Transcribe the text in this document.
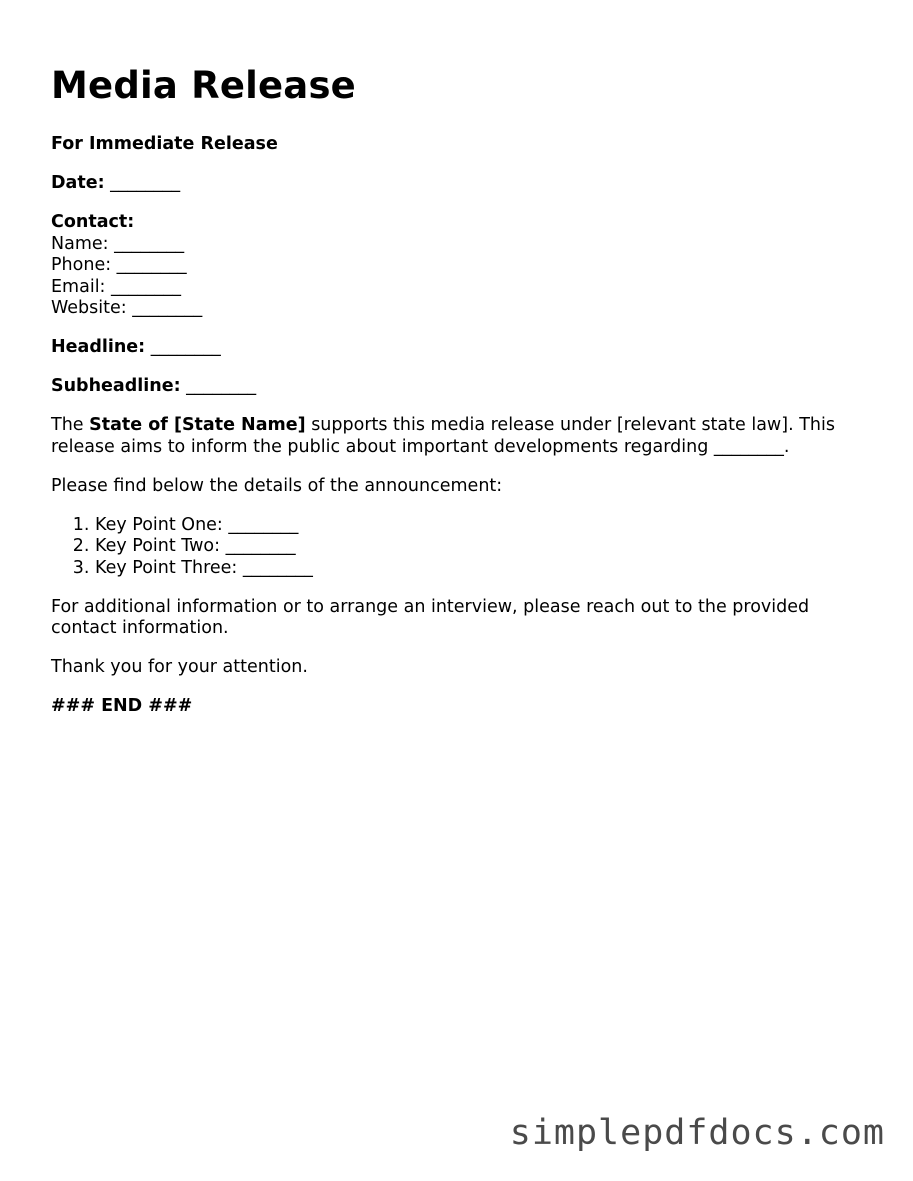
Media Release

For Immediate Release

Date: ________

Contact:
Name: ________
Phone: ________
Email: ________
Website: ________

Headline: ________

Subheadline: ________

The State of [State Name] supports this media release under [relevant state law]. This release aims to inform the public about important developments regarding ________.

Please find below the details of the announcement:

1. Key Point One: ________
2. Key Point Two: ________
3. Key Point Three: ________

For additional information or to arrange an interview, please reach out to the provided contact information.

Thank you for your attention.

### END ###

simplepdfdocs.com
